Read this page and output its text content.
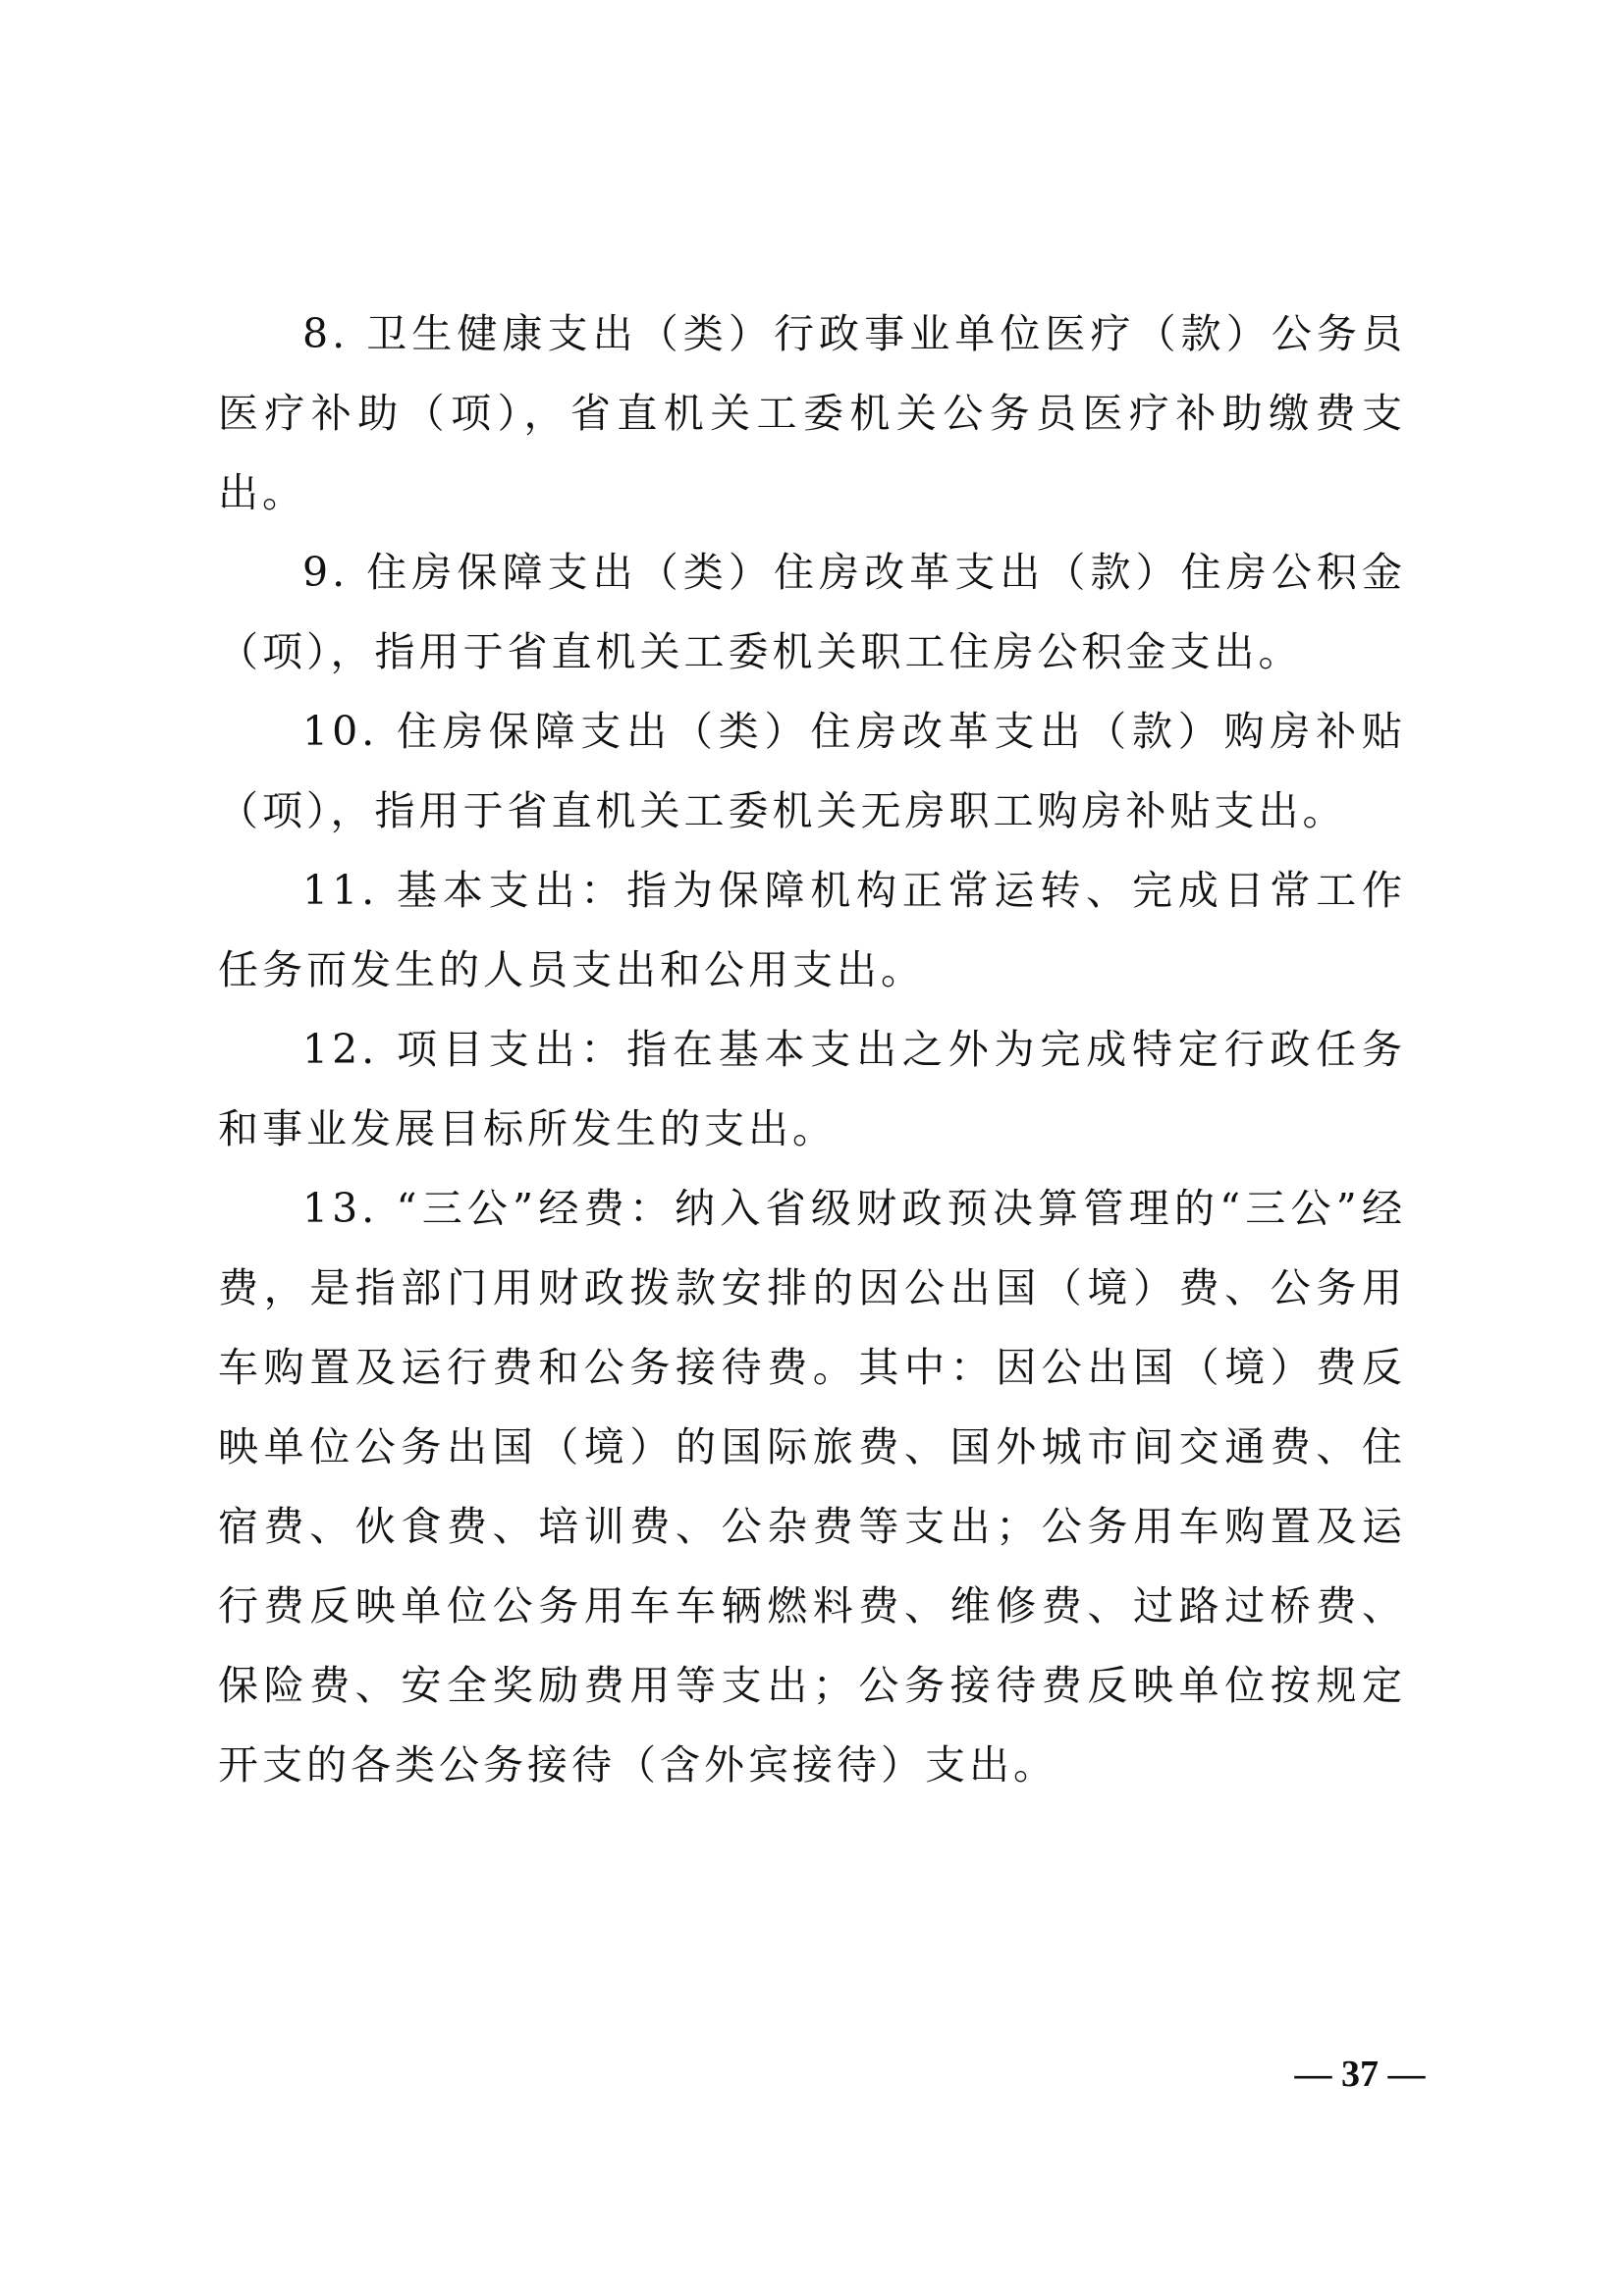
8. 卫生健康支出（类）行政事业单位医疗（款）公务员医疗补助（项），省直机关工委机关公务员医疗补助缴费支出。

9. 住房保障支出（类）住房改革支出（款）住房公积金（项），指用于省直机关工委机关职工住房公积金支出。

10. 住房保障支出（类）住房改革支出（款）购房补贴（项），指用于省直机关工委机关无房职工购房补贴支出。

11. 基本支出：指为保障机构正常运转、完成日常工作任务而发生的人员支出和公用支出。

12. 项目支出：指在基本支出之外为完成特定行政任务和事业发展目标所发生的支出。

13. “三公”经费：纳入省级财政预决算管理的“三公”经费，是指部门用财政拨款安排的因公出国（境）费、公务用车购置及运行费和公务接待费。其中：因公出国（境）费反映单位公务出国（境）的国际旅费、国外城市间交通费、住宿费、伙食费、培训费、公杂费等支出；公务用车购置及运行费反映单位公务用车车辆燃料费、维修费、过路过桥费、保险费、安全奖励费用等支出；公务接待费反映单位按规定开支的各类公务接待（含外宾接待）支出。

— 37 —
